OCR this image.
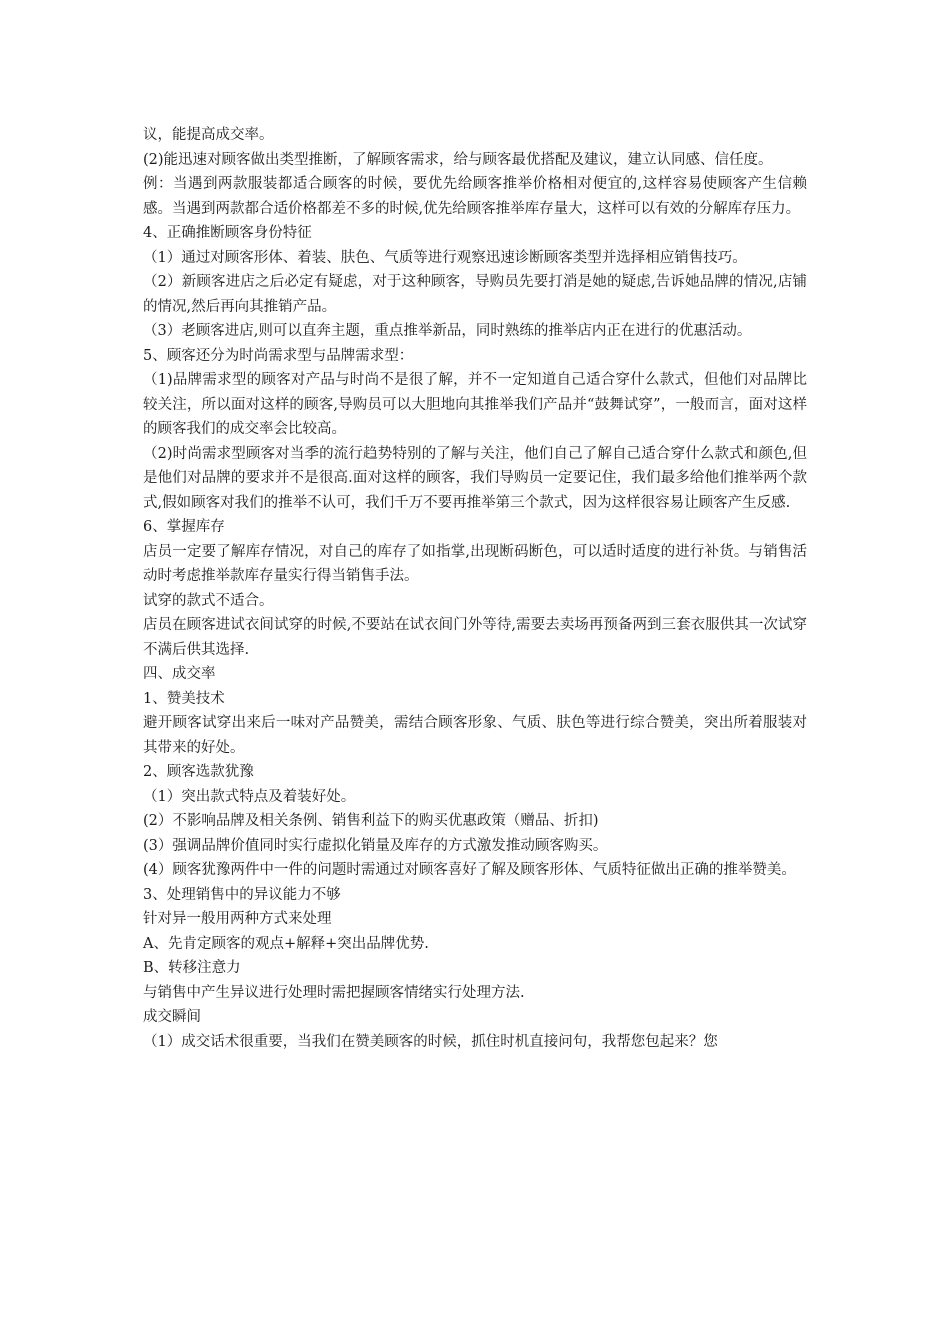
议，能提高成交率。

(2)能迅速对顾客做出类型推断，了解顾客需求，给与顾客最优搭配及建议，建立认同感、信任度。

例：当遇到两款服装都适合顾客的时候，要优先给顾客推举价格相对便宜的,这样容易使顾客产生信赖感。当遇到两款都合适价格都差不多的时候,优先给顾客推举库存量大，这样可以有效的分解库存压力。

4、正确推断顾客身份特征

（1）通过对顾客形体、着装、肤色、气质等进行观察迅速诊断顾客类型并选择相应销售技巧。

（2）新顾客进店之后必定有疑虑，对于这种顾客，导购员先要打消是她的疑虑,告诉她品牌的情况,店铺的情况,然后再向其推销产品。

（3）老顾客进店,则可以直奔主题，重点推举新品，同时熟练的推举店内正在进行的优惠活动。

5、顾客还分为时尚需求型与品牌需求型：

（1)品牌需求型的顾客对产品与时尚不是很了解，并不一定知道自己适合穿什么款式，但他们对品牌比较关注，所以面对这样的顾客,导购员可以大胆地向其推举我们产品并“鼓舞试穿”，一般而言，面对这样的顾客我们的成交率会比较高。

（2)时尚需求型顾客对当季的流行趋势特别的了解与关注，他们自己了解自己适合穿什么款式和颜色,但是他们对品牌的要求并不是很高.面对这样的顾客，我们导购员一定要记住，我们最多给他们推举两个款式,假如顾客对我们的推举不认可，我们千万不要再推举第三个款式，因为这样很容易让顾客产生反感.

6、掌握库存

店员一定要了解库存情况，对自己的库存了如指掌,出现断码断色，可以适时适度的进行补货。与销售活动时考虑推举款库存量实行得当销售手法。

试穿的款式不适合。

店员在顾客进试衣间试穿的时候,不要站在试衣间门外等待,需要去卖场再预备两到三套衣服供其一次试穿不满后供其选择.

四、成交率

1、赞美技术

避开顾客试穿出来后一味对产品赞美，需结合顾客形象、气质、肤色等进行综合赞美，突出所着服装对其带来的好处。

2、顾客选款犹豫

（1）突出款式特点及着装好处。

(2）不影响品牌及相关条例、销售利益下的购买优惠政策（赠品、折扣)

(3）强调品牌价值同时实行虚拟化销量及库存的方式激发推动顾客购买。

(4）顾客犹豫两件中一件的问题时需通过对顾客喜好了解及顾客形体、气质特征做出正确的推举赞美。

3、处理销售中的异议能力不够

针对异一般用两种方式来处理

A、先肯定顾客的观点+解释+突出品牌优势.

B、转移注意力

与销售中产生异议进行处理时需把握顾客情绪实行处理方法.

成交瞬间

（1）成交话术很重要，当我们在赞美顾客的时候，抓住时机直接问句，我帮您包起来？您
